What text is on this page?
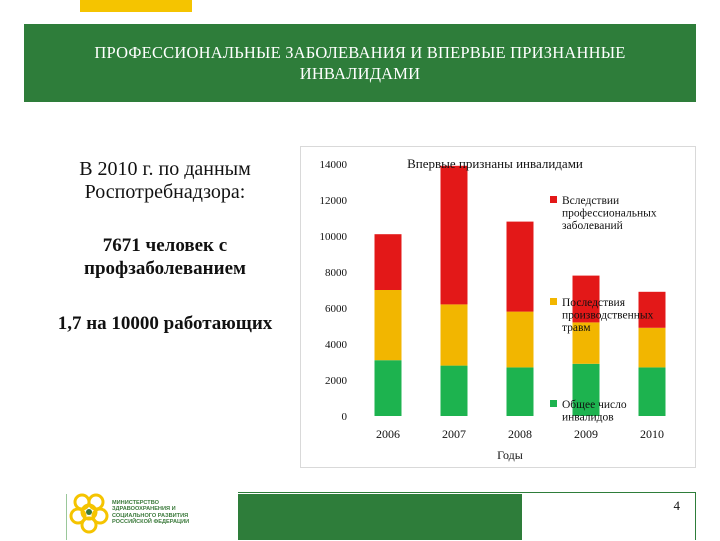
ПРОФЕССИОНАЛЬНЫЕ ЗАБОЛЕВАНИЯ И ВПЕРВЫЕ ПРИЗНАННЫЕ ИНВАЛИДАМИ
В 2010 г. по данным Роспотребнадзора:
7671 человек с профзаболеванием
1,7 на 10000 работающих
0
2000
4000
6000
8000
10000
12000
14000
2006	2007	2008	2009	2010
Впервые признаны инвалидами
Годы
Вследствии профессиональных заболеваний
Последствия производственных травм
Общее число инвалидов
4
МИНИСТЕРСТВО ЗДРАВООХРАНЕНИЯ И СОЦИАЛЬНОГО РАЗВИТИЯ РОССИЙСКОЙ ФЕДЕРАЦИИ
